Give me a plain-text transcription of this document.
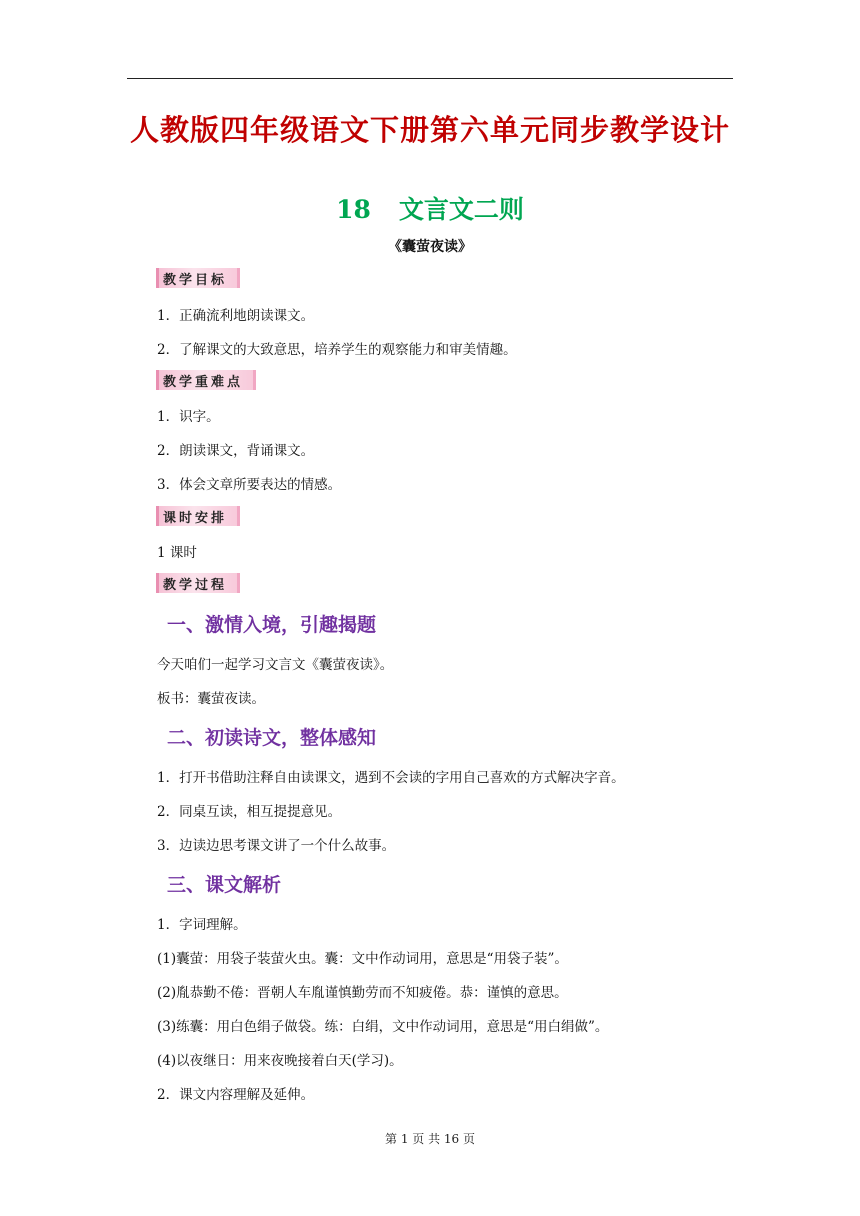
人教版四年级语文下册第六单元同步教学设计
18 文言文二则
《囊萤夜读》
教学目标
1．正确流利地朗读课文。
2．了解课文的大致意思，培养学生的观察能力和审美情趣。
教学重难点
1．识字。
2．朗读课文，背诵课文。
3．体会文章所要表达的情感。
课时安排
1 课时
教学过程
一、激情入境，引趣揭题
今天咱们一起学习文言文《囊萤夜读》。
板书：囊萤夜读。
二、初读诗文，整体感知
1．打开书借助注释自由读课文，遇到不会读的字用自己喜欢的方式解决字音。
2．同桌互读，相互提提意见。
3．边读边思考课文讲了一个什么故事。
三、课文解析
1．字词理解。
(1)囊萤：用袋子装萤火虫。囊：文中作动词用，意思是“用袋子装”。
(2)胤恭勤不倦：晋朝人车胤谨慎勤劳而不知疲倦。恭：谨慎的意思。
(3)练囊：用白色绢子做袋。练：白绢，文中作动词用，意思是“用白绢做”。
(4)以夜继日：用来夜晚接着白天(学习)。
2．课文内容理解及延伸。
第 1 页 共 16 页
